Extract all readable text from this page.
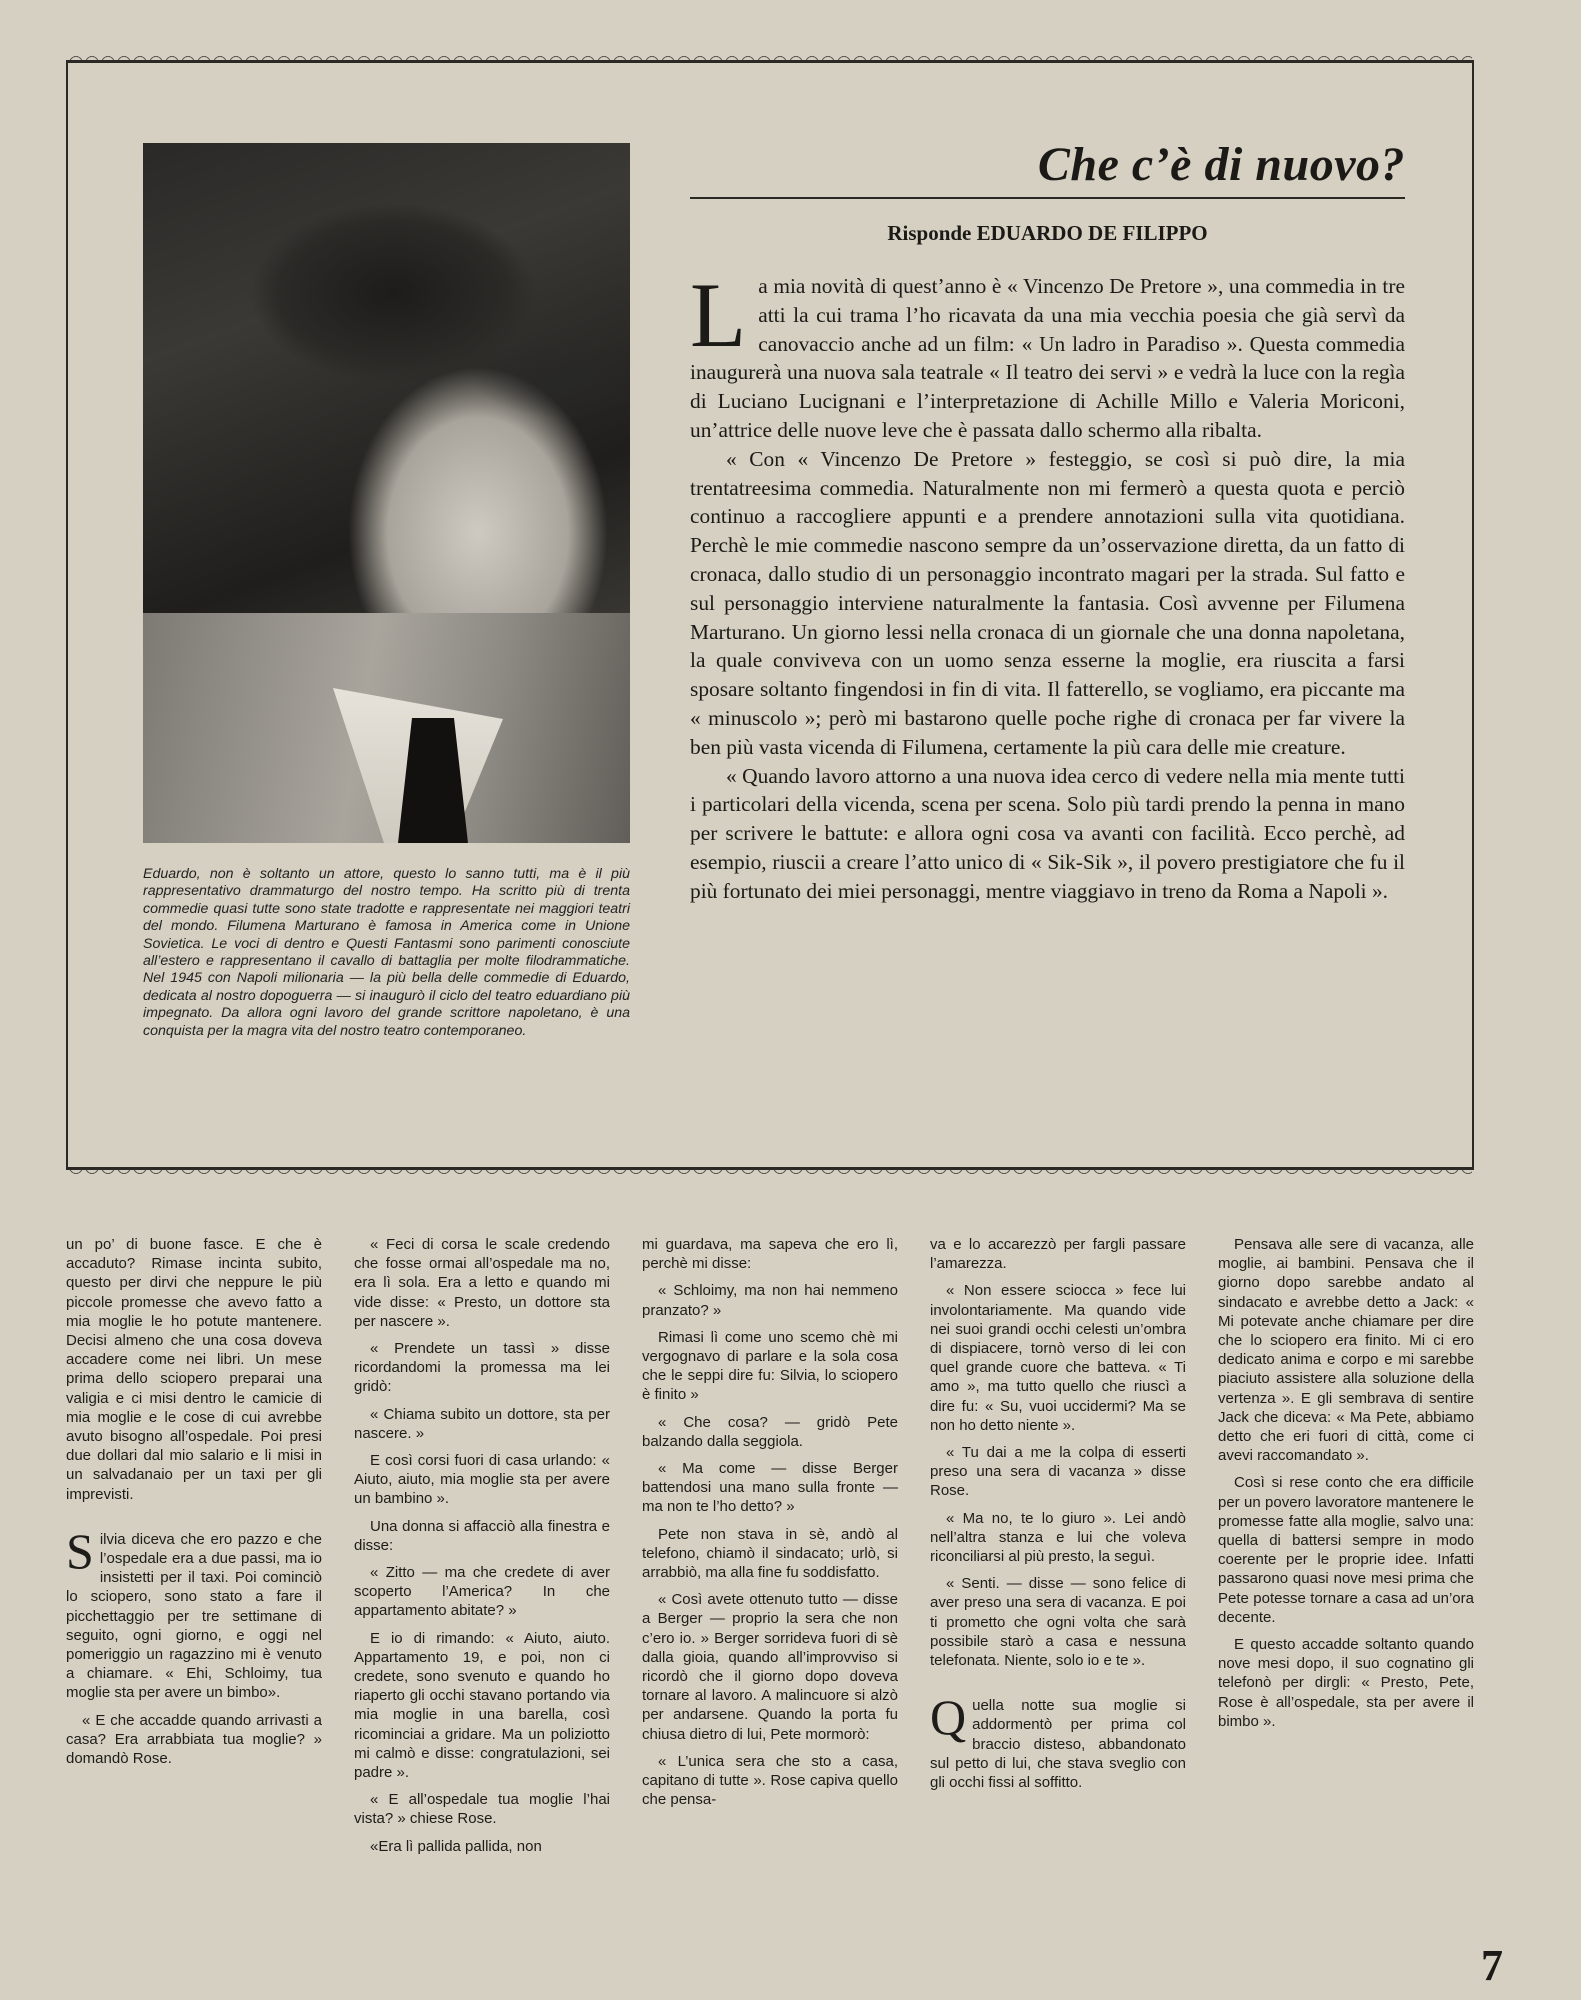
Eduardo, non è soltanto un attore, questo lo sanno tutti, ma è il più rappresentativo drammaturgo del nostro tempo. Ha scritto più di trenta commedie quasi tutte sono state tradotte e rappresentate nei maggiori teatri del mondo. Filumena Marturano è famosa in America come in Unione Sovietica. Le voci di dentro e Questi Fantasmi sono parimenti conosciute all’estero e rappresentano il cavallo di battaglia per molte filodrammatiche. Nel 1945 con Napoli milionaria — la più bella delle commedie di Eduardo, dedicata al nostro dopoguerra — si inaugurò il ciclo del teatro eduardiano più impegnato. Da allora ogni lavoro del grande scrittore napoletano, è una conquista per la magra vita del nostro teatro contemporaneo.
Che c’è di nuovo?
Risponde EDUARDO DE FILIPPO

La mia novità di quest’anno è « Vincenzo De Pretore », una commedia in tre atti la cui trama l’ho ricavata da una mia vecchia poesia che già servì da canovaccio anche ad un film: « Un ladro in Paradiso ». Questa commedia inaugurerà una nuova sala teatrale « Il teatro dei servi » e vedrà la luce con la regìa di Luciano Lucignani e l’interpretazione di Achille Millo e Valeria Moriconi, un’attrice delle nuove leve che è passata dallo schermo alla ribalta.

« Con « Vincenzo De Pretore » festeggio, se così si può dire, la mia trentatreesima commedia. Naturalmente non mi fermerò a questa quota e perciò continuo a raccogliere appunti e a prendere annotazioni sulla vita quotidiana. Perchè le mie commedie nascono sempre da un’osservazione diretta, da un fatto di cronaca, dallo studio di un personaggio incontrato magari per la strada. Sul fatto e sul personaggio interviene naturalmente la fantasia. Così avvenne per Filumena Marturano. Un giorno lessi nella cronaca di un giornale che una donna napoletana, la quale conviveva con un uomo senza esserne la moglie, era riuscita a farsi sposare soltanto fingendosi in fin di vita. Il fatterello, se vogliamo, era piccante ma « minuscolo »; però mi bastarono quelle poche righe di cronaca per far vivere la ben più vasta vicenda di Filumena, certamente la più cara delle mie creature.

« Quando lavoro attorno a una nuova idea cerco di vedere nella mia mente tutti i particolari della vicenda, scena per scena. Solo più tardi prendo la penna in mano per scrivere le battute: e allora ogni cosa va avanti con facilità. Ecco perchè, ad esempio, riuscii a creare l’atto unico di « Sik-Sik », il povero prestigiatore che fu il più fortunato dei miei personaggi, mentre viaggiavo in treno da Roma a Napoli ».

un po’ di buone fasce. E che è accaduto? Rimase incinta subito, questo per dirvi che neppure le più piccole promesse che avevo fatto a mia moglie le ho potute mantenere. Decisi almeno che una cosa doveva accadere come nei libri. Un mese prima dello sciopero preparai una valigia e ci misi dentro le camicie di mia moglie e le cose di cui avrebbe avuto bisogno all’ospedale. Poi presi due dollari dal mio salario e li misi in un salvadanaio per un taxi per gli imprevisti.

Silvia diceva che ero pazzo e che l’ospedale era a due passi, ma io insistetti per il taxi. Poi cominciò lo sciopero, sono stato a fare il picchettaggio per tre settimane di seguito, ogni giorno, e oggi nel pomeriggio un ragazzino mi è venuto a chiamare. « Ehi, Schloimy, tua moglie sta per avere un bimbo».

« E che accadde quando arrivasti a casa? Era arrabbiata tua moglie? » domandò Rose.

« Feci di corsa le scale credendo che fosse ormai all’ospedale ma no, era lì sola. Era a letto e quando mi vide disse: « Presto, un dottore sta per nascere ».

« Prendete un tassì » disse ricordandomi la promessa ma lei gridò:

« Chiama subito un dottore, sta per nascere. »

E così corsi fuori di casa urlando: « Aiuto, aiuto, mia moglie sta per avere un bambino ».

Una donna si affacciò alla finestra e disse:

« Zitto — ma che credete di aver scoperto l’America? In che appartamento abitate? »

E io di rimando: « Aiuto, aiuto. Appartamento 19, e poi, non ci credete, sono svenuto e quando ho riaperto gli occhi stavano portando via mia moglie in una barella, così ricominciai a gridare. Ma un poliziotto mi calmò e disse: congratulazioni, sei padre ».

« E all’ospedale tua moglie l’hai vista? » chiese Rose.

«Era lì pallida pallida, non

mi guardava, ma sapeva che ero lì, perchè mi disse:

« Schloimy, ma non hai nemmeno pranzato? »

Rimasi lì come uno scemo chè mi vergognavo di parlare e la sola cosa che le seppi dire fu: Silvia, lo sciopero è finito »

« Che cosa? — gridò Pete balzando dalla seggiola.

« Ma come — disse Berger battendosi una mano sulla fronte — ma non te l’ho detto? »

Pete non stava in sè, andò al telefono, chiamò il sindacato; urlò, si arrabbiò, ma alla fine fu soddisfatto.

« Così avete ottenuto tutto — disse a Berger — proprio la sera che non c’ero io. » Berger sorrideva fuori di sè dalla gioia, quando all’improvviso si ricordò che il giorno dopo doveva tornare al lavoro. A malincuore si alzò per andarsene. Quando la porta fu chiusa dietro di lui, Pete mormorò:

« L’unica sera che sto a casa, capitano di tutte ». Rose capiva quello che pensa-

va e lo accarezzò per fargli passare l’amarezza.

« Non essere sciocca » fece lui involontariamente. Ma quando vide nei suoi grandi occhi celesti un’ombra di dispiacere, tornò verso di lei con quel grande cuore che batteva. « Ti amo », ma tutto quello che riuscì a dire fu: « Su, vuoi uccidermi? Ma se non ho detto niente ».

« Tu dai a me la colpa di esserti preso una sera di vacanza » disse Rose.

« Ma no, te lo giuro ». Lei andò nell’altra stanza e lui che voleva riconciliarsi al più presto, la seguì.

« Senti. — disse — sono felice di aver preso una sera di vacanza. E poi ti prometto che ogni volta che sarà possibile starò a casa e nessuna telefonata. Niente, solo io e te ».

Quella notte sua moglie si addormentò per prima col braccio disteso, abbandonato sul petto di lui, che stava sveglio con gli occhi fissi al soffitto.

Pensava alle sere di vacanza, alle moglie, ai bambini. Pensava che il giorno dopo sarebbe andato al sindacato e avrebbe detto a Jack: « Mi potevate anche chiamare per dire che lo sciopero era finito. Mi ci ero dedicato anima e corpo e mi sarebbe piaciuto assistere alla soluzione della vertenza ». E gli sembrava di sentire Jack che diceva: « Ma Pete, abbiamo detto che eri fuori di città, come ci avevi raccomandato ».

Così si rese conto che era difficile per un povero lavoratore mantenere le promesse fatte alla moglie, salvo una: quella di battersi sempre in modo coerente per le proprie idee. Infatti passarono quasi nove mesi prima che Pete potesse tornare a casa ad un’ora decente.

E questo accadde soltanto quando nove mesi dopo, il suo cognatino gli telefonò per dirgli: « Presto, Pete, Rose è all’ospedale, sta per avere il bimbo ».

7
